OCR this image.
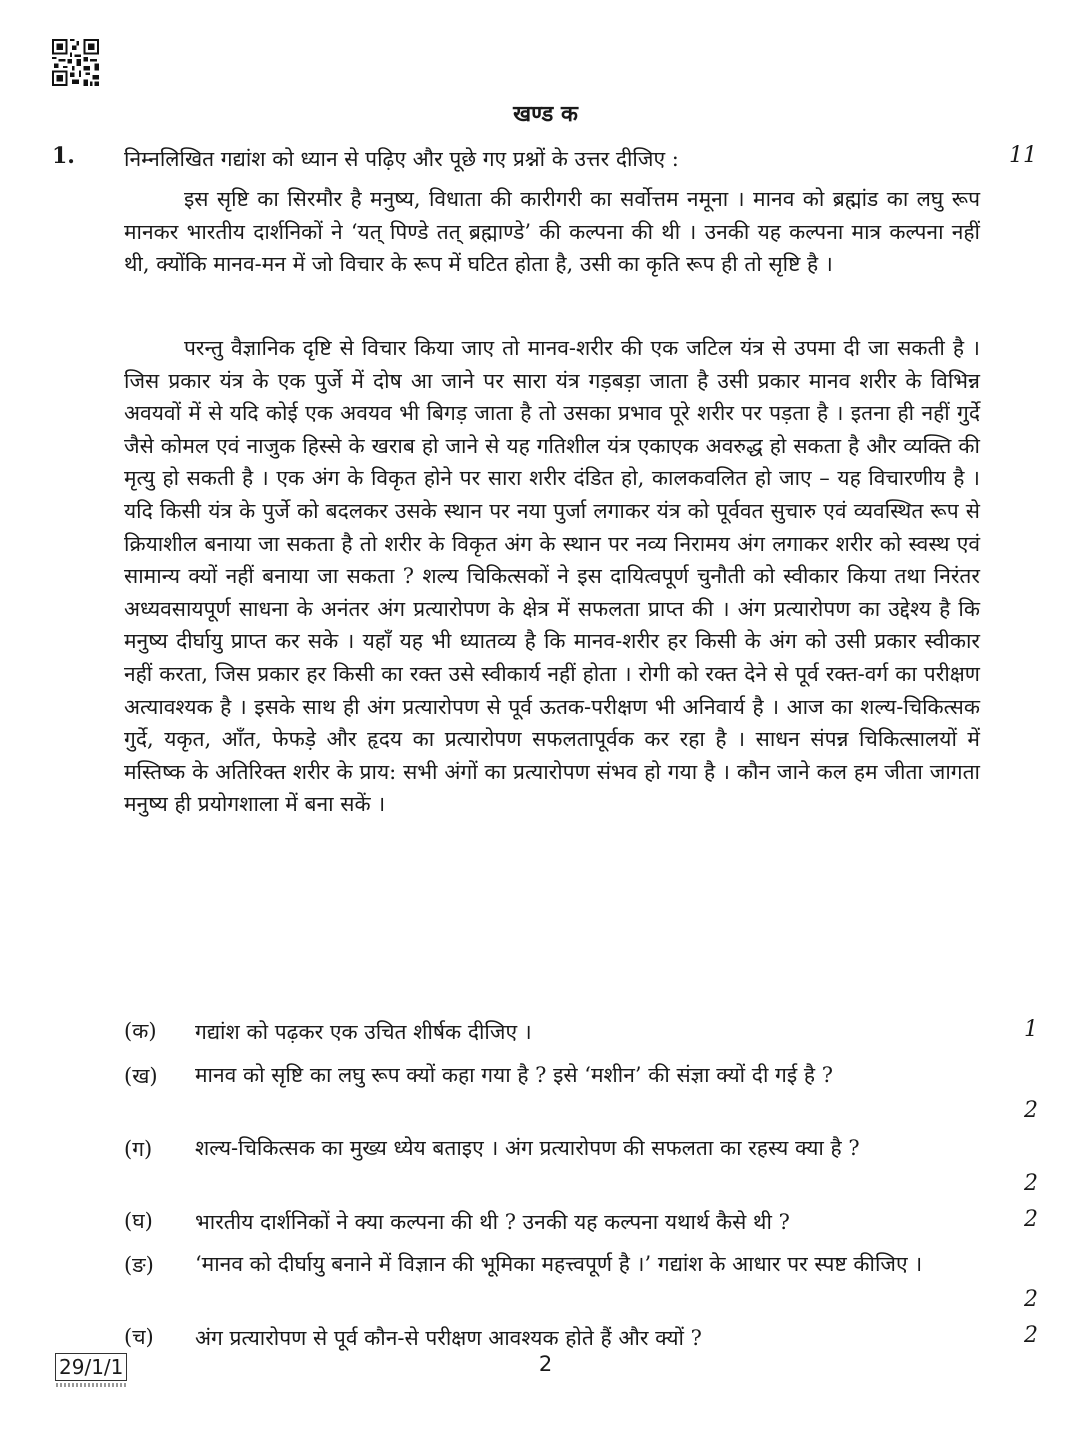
खण्ड क
1. निम्नलिखित गद्यांश को ध्यान से पढ़िए और पूछे गए प्रश्नों के उत्तर दीजिए :	11

इस सृष्टि का सिरमौर है मनुष्य, विधाता की कारीगरी का सर्वोत्तम नमूना । मानव को ब्रह्मांड का लघु रूप मानकर भारतीय दार्शनिकों ने ‘यत् पिण्डे तत् ब्रह्माण्डे’ की कल्पना की थी । उनकी यह कल्पना मात्र कल्पना नहीं थी, क्योंकि मानव-मन में जो विचार के रूप में घटित होता है, उसी का कृति रूप ही तो सृष्टि है ।

परन्तु वैज्ञानिक दृष्टि से विचार किया जाए तो मानव-शरीर की एक जटिल यंत्र से उपमा दी जा सकती है । जिस प्रकार यंत्र के एक पुर्जे में दोष आ जाने पर सारा यंत्र गड़बड़ा जाता है उसी प्रकार मानव शरीर के विभिन्न अवयवों में से यदि कोई एक अवयव भी बिगड़ जाता है तो उसका प्रभाव पूरे शरीर पर पड़ता है । इतना ही नहीं गुर्दे जैसे कोमल एवं नाजुक हिस्से के खराब हो जाने से यह गतिशील यंत्र एकाएक अवरुद्ध हो सकता है और व्यक्ति की मृत्यु हो सकती है । एक अंग के विकृत होने पर सारा शरीर दंडित हो, कालकवलित हो जाए – यह विचारणीय है । यदि किसी यंत्र के पुर्जे को बदलकर उसके स्थान पर नया पुर्जा लगाकर यंत्र को पूर्ववत सुचारु एवं व्यवस्थित रूप से क्रियाशील बनाया जा सकता है तो शरीर के विकृत अंग के स्थान पर नव्य निरामय अंग लगाकर शरीर को स्वस्थ एवं सामान्य क्यों नहीं बनाया जा सकता ? शल्य चिकित्सकों ने इस दायित्वपूर्ण चुनौती को स्वीकार किया तथा निरंतर अध्यवसायपूर्ण साधना के अनंतर अंग प्रत्यारोपण के क्षेत्र में सफलता प्राप्त की । अंग प्रत्यारोपण का उद्देश्य है कि मनुष्य दीर्घायु प्राप्त कर सके । यहाँ यह भी ध्यातव्य है कि मानव-शरीर हर किसी के अंग को उसी प्रकार स्वीकार नहीं करता, जिस प्रकार हर किसी का रक्त उसे स्वीकार्य नहीं होता । रोगी को रक्त देने से पूर्व रक्त-वर्ग का परीक्षण अत्यावश्यक है । इसके साथ ही अंग प्रत्यारोपण से पूर्व ऊतक-परीक्षण भी अनिवार्य है । आज का शल्य-चिकित्सक गुर्दे, यकृत, आँत, फेफड़े और हृदय का प्रत्यारोपण सफलतापूर्वक कर रहा है । साधन संपन्न चिकित्सालयों में मस्तिष्क के अतिरिक्त शरीर के प्राय: सभी अंगों का प्रत्यारोपण संभव हो गया है । कौन जाने कल हम जीता जागता मनुष्य ही प्रयोगशाला में बना सकें ।

(क) गद्यांश को पढ़कर एक उचित शीर्षक दीजिए ।	1
(ख) मानव को सृष्टि का लघु रूप क्यों कहा गया है ? इसे ‘मशीन’ की संज्ञा क्यों दी गई है ?
2
(ग) शल्य-चिकित्सक का मुख्य ध्येय बताइए । अंग प्रत्यारोपण की सफलता का रहस्य क्या है ?
2
(घ) भारतीय दार्शनिकों ने क्या कल्पना की थी ? उनकी यह कल्पना यथार्थ कैसे थी ?	2
(ङ) ‘मानव को दीर्घायु बनाने में विज्ञान की भूमिका महत्त्वपूर्ण है ।’ गद्यांश के आधार पर स्पष्ट कीजिए ।
2
(च) अंग प्रत्यारोपण से पूर्व कौन-से परीक्षण आवश्यक होते हैं और क्यों ?	2
29/1/1	2
